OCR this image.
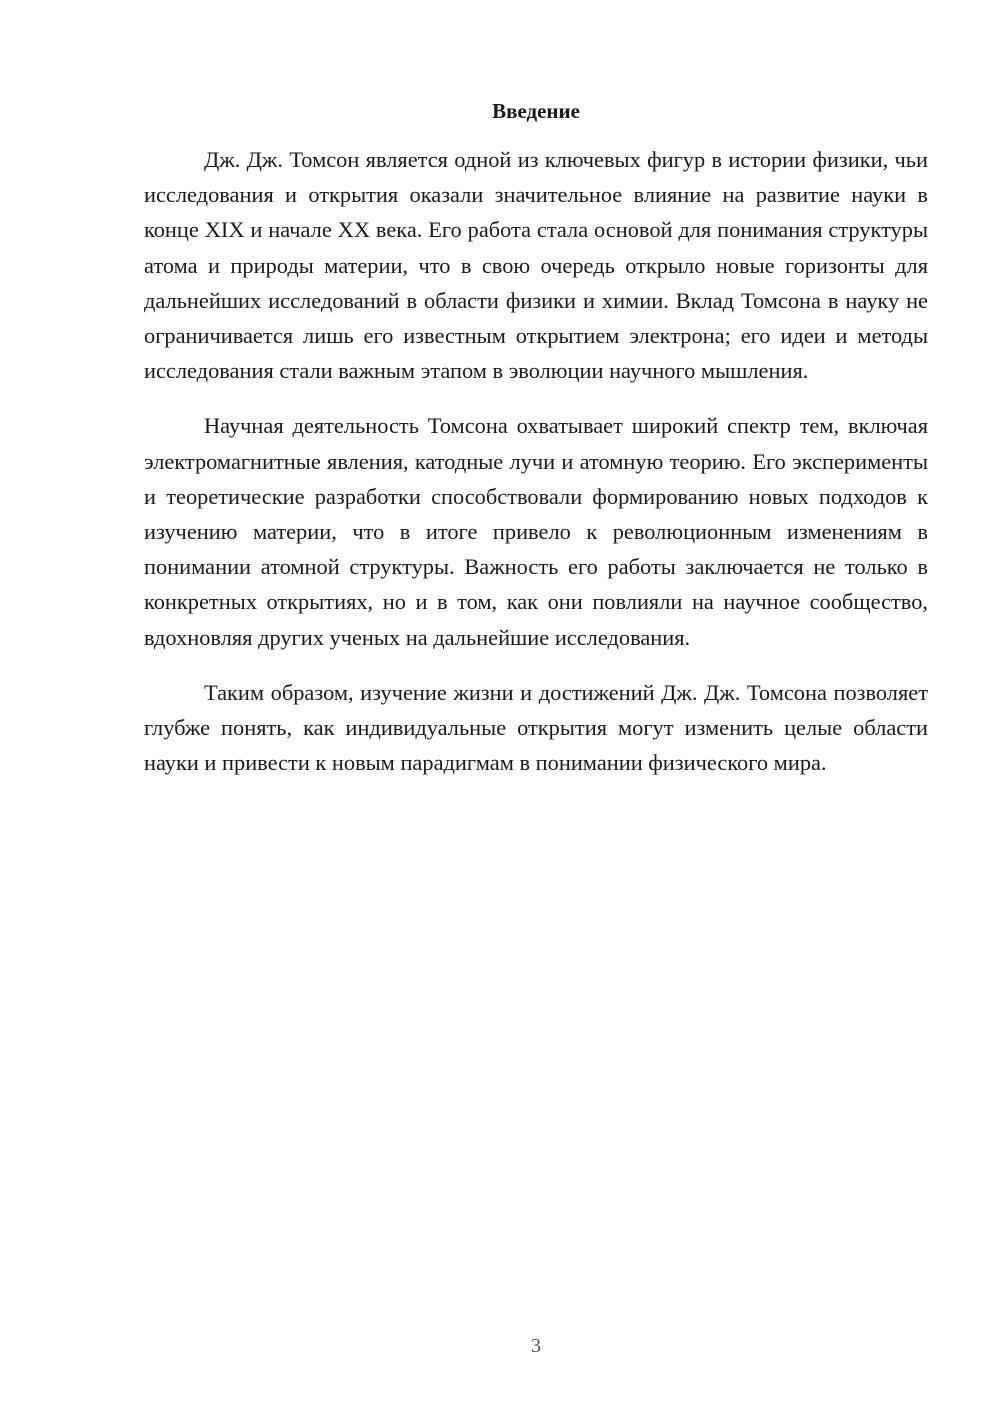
Введение

Дж. Дж. Томсон является одной из ключевых фигур в истории физики, чьи исследования и открытия оказали значительное влияние на развитие науки в конце XIX и начале XX века. Его работа стала основой для понимания структуры атома и природы материи, что в свою очередь открыло новые горизонты для дальнейших исследований в области физики и химии. Вклад Томсона в науку не ограничивается лишь его известным открытием электрона; его идеи и методы исследования стали важным этапом в эволюции научного мышления.

Научная деятельность Томсона охватывает широкий спектр тем, включая электромагнитные явления, катодные лучи и атомную теорию. Его эксперименты и теоретические разработки способствовали формированию новых подходов к изучению материи, что в итоге привело к революционным изменениям в понимании атомной структуры. Важность его работы заключается не только в конкретных открытиях, но и в том, как они повлияли на научное сообщество, вдохновляя других ученых на дальнейшие исследования.

Таким образом, изучение жизни и достижений Дж. Дж. Томсона позволяет глубже понять, как индивидуальные открытия могут изменить целые области науки и привести к новым парадигмам в понимании физического мира.

3
